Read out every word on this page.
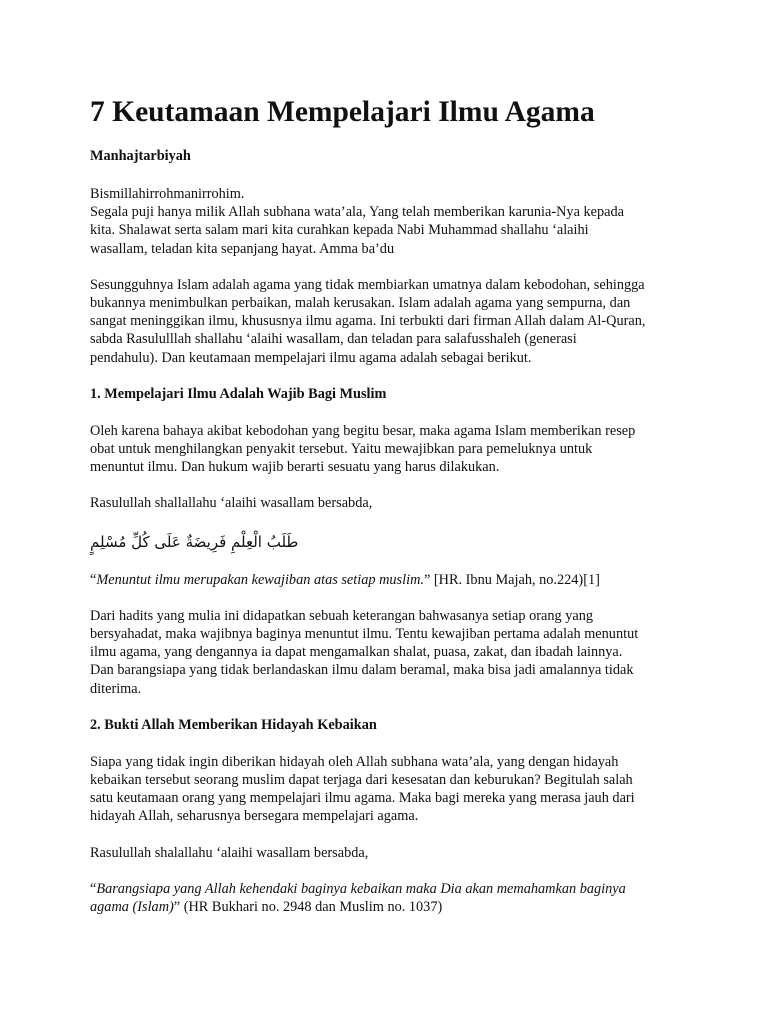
7 Keutamaan Mempelajari Ilmu Agama

Manhajtarbiyah

Bismillahirrohmanirrohim.
Segala puji hanya milik Allah subhana wata’ala, Yang telah memberikan karunia-Nya kepada
kita. Shalawat serta salam mari kita curahkan kepada Nabi Muhammad shallahu ‘alaihi
wasallam, teladan kita sepanjang hayat. Amma ba’du

Sesungguhnya Islam adalah agama yang tidak membiarkan umatnya dalam kebodohan, sehingga
bukannya menimbulkan perbaikan, malah kerusakan. Islam adalah agama yang sempurna, dan
sangat meninggikan ilmu, khususnya ilmu agama. Ini terbukti dari firman Allah dalam Al-Quran,
sabda Rasululllah shallahu ‘alaihi wasallam, dan teladan para salafusshaleh (generasi
pendahulu). Dan keutamaan mempelajari ilmu agama adalah sebagai berikut.

1. Mempelajari Ilmu Adalah Wajib Bagi Muslim

Oleh karena bahaya akibat kebodohan yang begitu besar, maka agama Islam memberikan resep
obat untuk menghilangkan penyakit tersebut. Yaitu mewajibkan para pemeluknya untuk
menuntut ilmu. Dan hukum wajib berarti sesuatu yang harus dilakukan.

Rasulullah shallallahu ‘alaihi wasallam bersabda,

طَلَبُ الْعِلْمِ فَرِيضَةٌ عَلَى كُلِّ مُسْلِمٍ

“Menuntut ilmu merupakan kewajiban atas setiap muslim.” [HR. Ibnu Majah, no.224)[1]

Dari hadits yang mulia ini didapatkan sebuah keterangan bahwasanya setiap orang yang
bersyahadat, maka wajibnya baginya menuntut ilmu. Tentu kewajiban pertama adalah menuntut
ilmu agama, yang dengannya ia dapat mengamalkan shalat, puasa, zakat, dan ibadah lainnya.
Dan barangsiapa yang tidak berlandaskan ilmu dalam beramal, maka bisa jadi amalannya tidak
diterima.

2. Bukti Allah Memberikan Hidayah Kebaikan

Siapa yang tidak ingin diberikan hidayah oleh Allah subhana wata’ala, yang dengan hidayah
kebaikan tersebut seorang muslim dapat terjaga dari kesesatan dan keburukan? Begitulah salah
satu keutamaan orang yang mempelajari ilmu agama. Maka bagi mereka yang merasa jauh dari
hidayah Allah, seharusnya bersegara mempelajari agama.

Rasulullah shalallahu ‘alaihi wasallam bersabda,

“Barangsiapa yang Allah kehendaki baginya kebaikan maka Dia akan memahamkan baginya
agama (Islam)” (HR Bukhari no. 2948 dan Muslim no. 1037)
